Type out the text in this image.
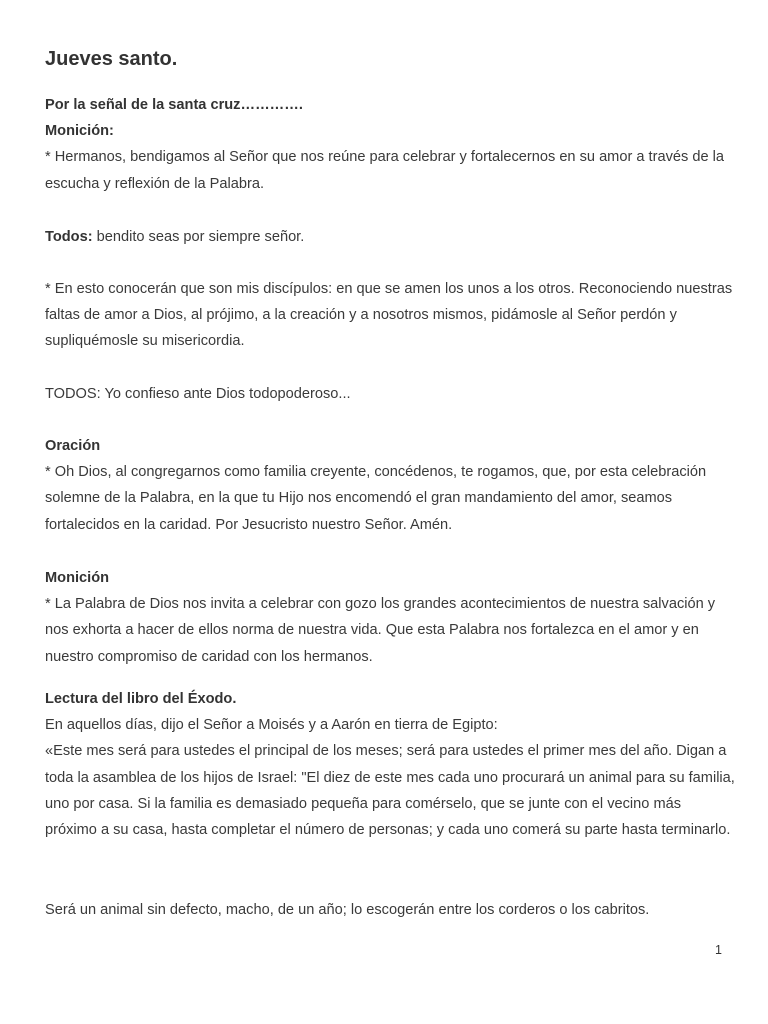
Jueves santo.

Por la señal de la santa cruz………….

Monición:

* Hermanos, bendigamos al Señor que nos reúne para celebrar y fortalecernos en su amor a través de la escucha y reflexión de la Palabra.

Todos: bendito seas por siempre señor.

* En esto conocerán que son mis discípulos: en que se amen los unos a los otros. Reconociendo nuestras faltas de amor a Dios, al prójimo, a la creación y a nosotros mismos, pidámosle al Señor perdón y supliquémosle su misericordia.

TODOS: Yo confieso ante Dios todopoderoso...

Oración

* Oh Dios, al congregarnos como familia creyente, concédenos, te rogamos, que, por esta celebración solemne de la Palabra, en la que tu Hijo nos encomendó el gran mandamiento del amor, seamos fortalecidos en la caridad. Por Jesucristo nuestro Señor. Amén.

Monición

* La Palabra de Dios nos invita a celebrar con gozo los grandes acontecimientos de nuestra salvación y nos exhorta a hacer de ellos norma de nuestra vida. Que esta Palabra nos fortalezca en el amor y en nuestro compromiso de caridad con los hermanos.

Lectura del libro del Éxodo.

En aquellos días, dijo el Señor a Moisés y a Aarón en tierra de Egipto:

«Este mes será para ustedes el principal de los meses; será para ustedes el primer mes del año. Digan a toda la asamblea de los hijos de Israel: "El diez de este mes cada uno procurará un animal para su familia, uno por casa. Si la familia es demasiado pequeña para comérselo, que se junte con el vecino más próximo a su casa, hasta completar el número de personas; y cada uno comerá su parte hasta terminarlo.

Será un animal sin defecto, macho, de un año; lo escogerán entre los corderos o los cabritos.

1
